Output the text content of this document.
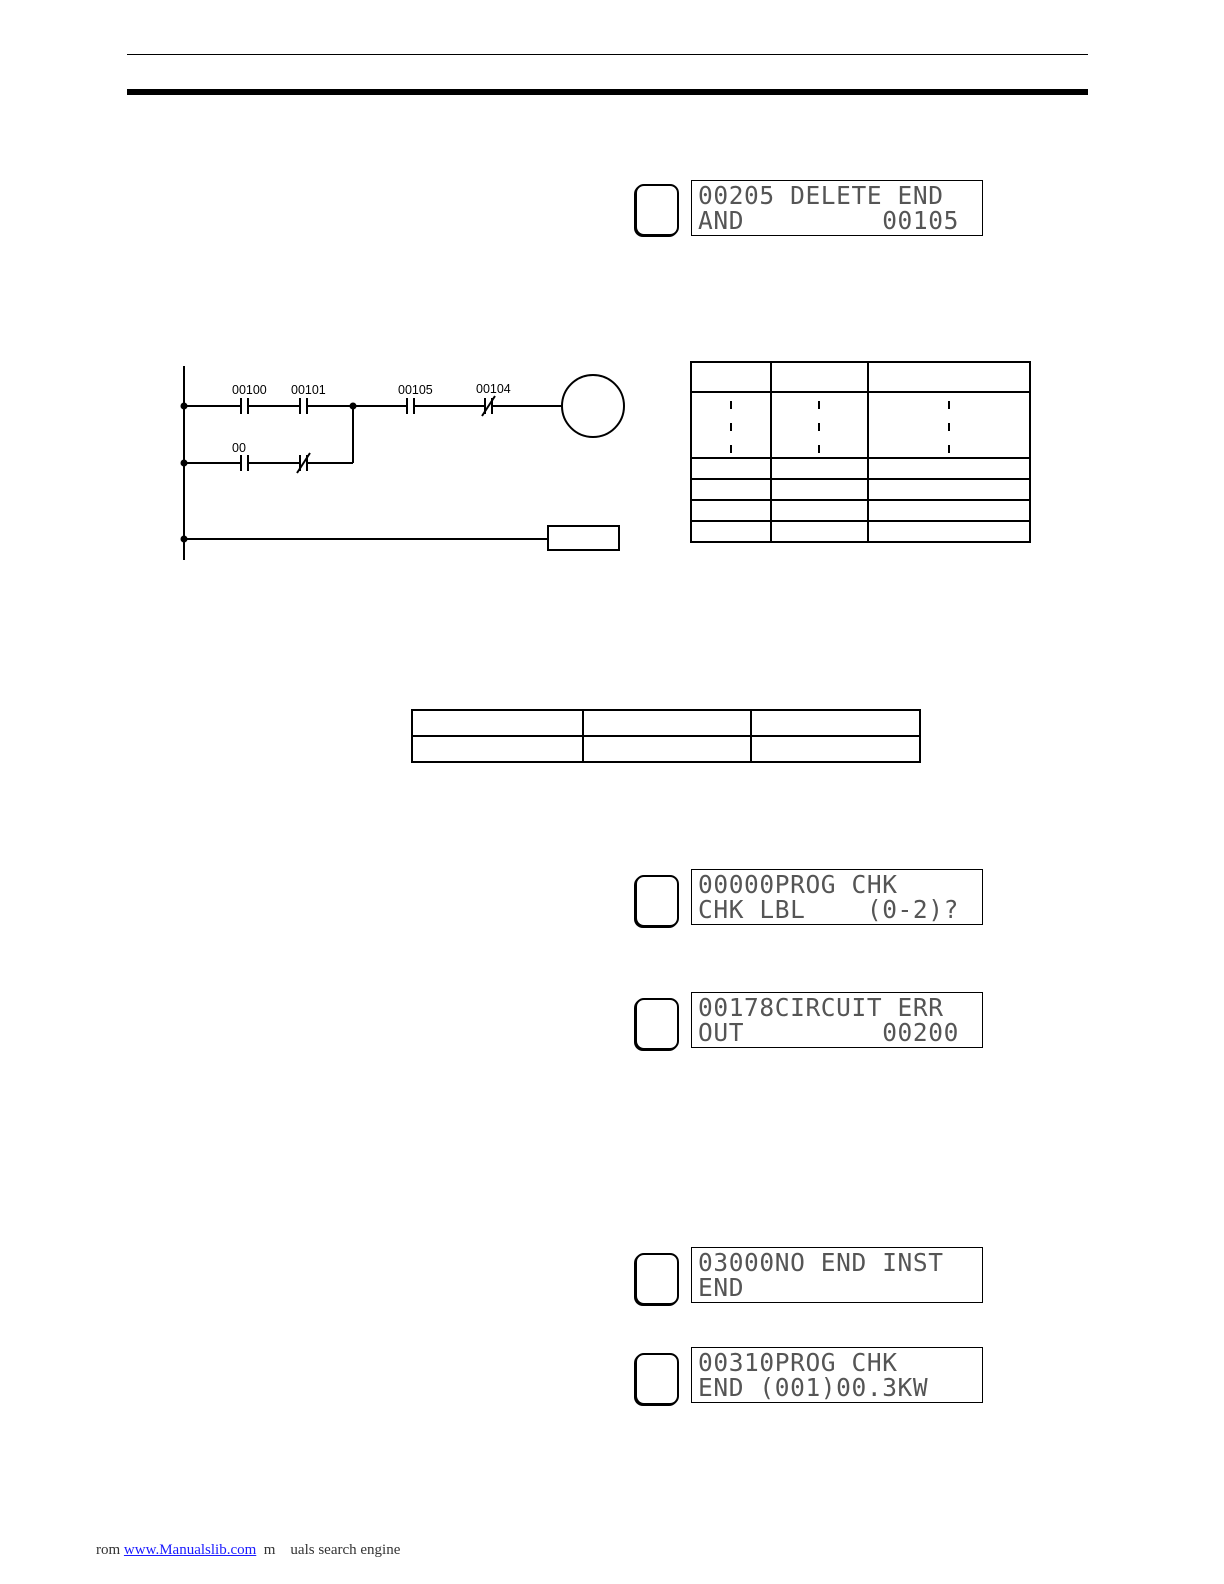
00205 DELETE END
AND         00105
00100 00101	00105	00104
00

00000PROG CHK
CHK LBL    (0-2)?
00178CIRCUIT ERR
OUT         00200
03000NO END INST
END
00310PROG CHK
END (001)00.3KW
rom www.Manualslib.com  m    uals search engine
